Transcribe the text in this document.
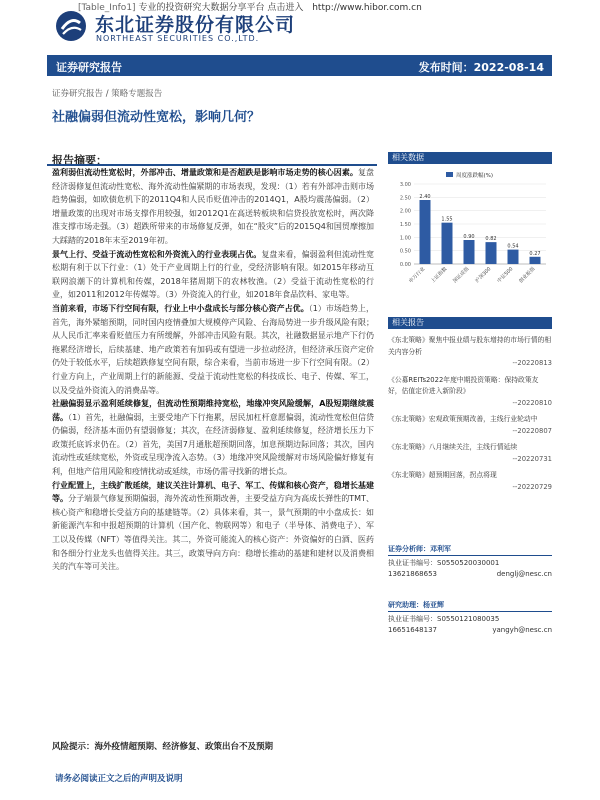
[Table_Info1] 专业的投资研究大数据分享平台 点击进入 http://www.hibor.com.cn
东北证券股份有限公司
NORTHEAST SECURITIES CO.,LTD.
证券研究报告	发布时间：2022-08-14
证券研究报告 / 策略专题报告
社融偏弱但流动性宽松，影响几何？
报告摘要：

盈利弱但流动性宽松时，外部冲击、增量政策和是否超跌是影响市场走势的核心因素。复盘经济弱修复但流动性宽松、海外流动性偏紧期的市场表现，发现：（1）若有外部冲击则市场趋势偏弱，如欧债危机下的2011Q4和人民币贬值冲击的2014Q1，A股均震荡偏弱。（2）增量政策的出现对市场支撑作用较强，如2012Q1在高送转板块和信贷投放宽松时，两次降准支撑市场走强。（3）超跌所带来的市场修复反弹，如在“股灾”后的2015Q4和国贸摩擦加大踩踏的2018年末至2019年初。

景气上行、受益于流动性宽松和外资流入的行业表现占优。复盘来看，偏弱盈利但流动性宽松期有利于以下行业：（1）处于产业周期上行的行业，受经济影响有限。如2015年移动互联网浪潮下的计算机和传媒，2018年猪周期下的农林牧渔。（2）受益于流动性宽松的行业，如2011和2012年传媒等。（3）外资流入的行业，如2018年食品饮料、家电等。

当前来看，市场下行空间有限，行业上中小盘成长与部分核心资产占优。（1）市场趋势上，首先，海外紧缩预期，同时国内疫情叠加大规模停产风险、台海局势进一步升级风险有限；从人民币汇率来看贬值压力有所缓解，外部冲击风险有限。其次，社融数据显示地产下行仍拖累经济增长，后续基建、地产政策若有加码或有望进一步拉动经济，但经济承压资产定价仍处于较低水平，后续超跌修复空间有限，综合来看，当前市场进一步下行空间有限。（2）行业方向上，产业周期上行的新能源、受益于流动性宽松的科技成长、电子、传媒、军工，以及受益外资流入的消费品等。

社融偏弱显示盈利延续修复，但流动性预期维持宽松，地缘冲突风险缓解，A股短期继续震荡。（1）首先，社融偏弱，主要受地产下行拖累，居民加杠杆意愿偏弱，流动性宽松但信贷仍偏弱，经济基本面仍有望弱修复；其次，在经济弱修复、盈利延续修复，经济增长压力下政策托底诉求仍在。（2）首先，美国7月通胀超预期回落，加息预期边际回落；其次，国内流动性或延续宽松，外资或呈现净流入态势。（3）地缘冲突风险缓解对市场风险偏好修复有利，但地产信用风险和疫情扰动或延续，市场仍需寻找新的增长点。

行业配置上，主线扩散延续，建议关注计算机、电子、军工、传媒和核心资产，稳增长基建等。分子端景气修复预期偏弱，海外流动性预期改善，主要受益方向为高成长弹性的TMT、核心资产和稳增长受益方向的基建链等。（2）具体来看，其一，景气预期的中小盘成长：如新能源汽车和中报超预期的计算机（国产化、物联网等）和电子（半导体、消费电子）、军工以及传媒（NFT）等值得关注。其二，外资可能流入的核心资产：外资偏好的白酒、医药和各细分行业龙头也值得关注。其三，政策导向方向：稳增长推动的基建和建材以及消费相关的汽车等可关注。

风险提示：海外疫情超预期、经济修复、政策出台不及预期
请务必阅读正文之后的声明及说明
相关数据
周度涨跌幅(%)
0.00
0.50
1.00
1.50
2.00
2.50
3.00
2.40
申万行业
1.55
上证指数
0.90
深证成指
0.82
沪深300
0.54
中证500
0.27
创业板指
相关报告
《东北策略》聚焦中报业绩与股东增持的市场行情的相关内容分析
--20220813
《公募REITs2022年度中期投资策略：保持政策友好，估值定价进入新阶段》
--20220810
《东北策略》宏观政策预期改善，主线行业轮动中
--20220807
《东北策略》八月继续关注，主线行情延续
--20220731
《东北策略》超预期回落，拐点将现
--20220729
证券分析师：邓利军
执业证书编号：S0550520030001
13621868653	denglj@nesc.cn
研究助理：杨亚辉
执业证书编号：S0550121080035
16651648137	yangyh@nesc.cn
